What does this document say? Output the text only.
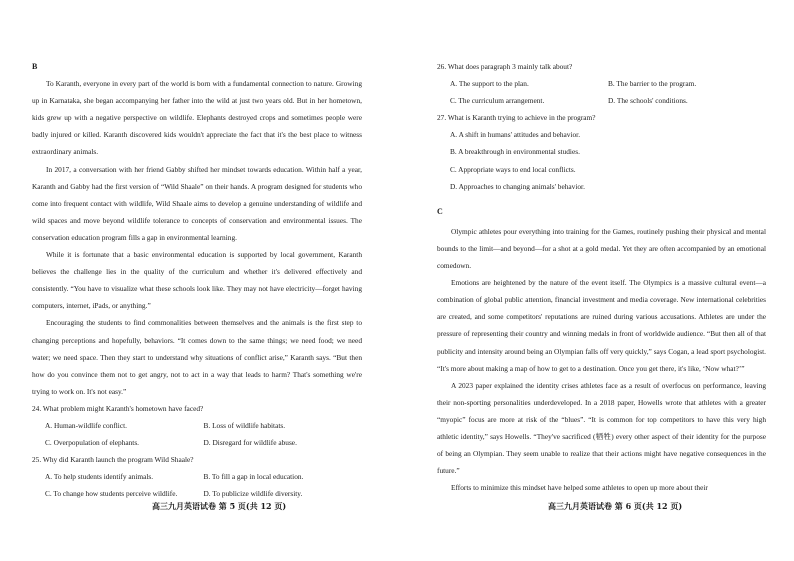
B

To Karanth, everyone in every part of the world is born with a fundamental connection to nature. Growing up in Karnataka, she began accompanying her father into the wild at just two years old. But in her hometown, kids grew up with a negative perspective on wildlife. Elephants destroyed crops and sometimes people were badly injured or killed. Karanth discovered kids wouldn't appreciate the fact that it's the best place to witness extraordinary animals.

In 2017, a conversation with her friend Gabby shifted her mindset towards education. Within half a year, Karanth and Gabby had the first version of “Wild Shaale” on their hands. A program designed for students who come into frequent contact with wildlife, Wild Shaale aims to develop a genuine understanding of wildlife and wild spaces and move beyond wildlife tolerance to concepts of conservation and environmental issues. The conservation education program fills a gap in environmental learning.

While it is fortunate that a basic environmental education is supported by local government, Karanth believes the challenge lies in the quality of the curriculum and whether it's delivered effectively and consistently. “You have to visualize what these schools look like. They may not have electricity—forget having computers, internet, iPads, or anything.”

Encouraging the students to find commonalities between themselves and the animals is the first step to changing perceptions and hopefully, behaviors. “It comes down to the same things; we need food; we need water; we need space. Then they start to understand why situations of conflict arise,” Karanth says. “But then how do you convince them not to get angry, not to act in a way that leads to harm? That's something we're trying to work on. It's not easy.”

24. What problem might Karanth's hometown have faced?

A. Human-wildlife conflict.	B. Loss of wildlife habitats.
C. Overpopulation of elephants.	D. Disregard for wildlife abuse.

25. Why did Karanth launch the program Wild Shaale?

A. To help students identify animals.	B. To fill a gap in local education.
C. To change how students perceive wildlife.	D. To publicize wildlife diversity.

26. What does paragraph 3 mainly talk about?

A. The support to the plan.	B. The barrier to the program.
C. The curriculum arrangement.	D. The schools' conditions.

27. What is Karanth trying to achieve in the program?

A. A shift in humans' attitudes and behavior.
B. A breakthrough in environmental studies.
C. Appropriate ways to end local conflicts.
D. Approaches to changing animals' behavior.

C

Olympic athletes pour everything into training for the Games, routinely pushing their physical and mental bounds to the limit—and beyond—for a shot at a gold medal. Yet they are often accompanied by an emotional comedown.

Emotions are heightened by the nature of the event itself. The Olympics is a massive cultural event—a combination of global public attention, financial investment and media coverage. New international celebrities are created, and some competitors' reputations are ruined during various accusations. Athletes are under the pressure of representing their country and winning medals in front of worldwide audience. “But then all of that publicity and intensity around being an Olympian falls off very quickly,” says Cogan, a lead sport psychologist. “It's more about making a map of how to get to a destination. Once you get there, it's like, ‘Now what?’”

A 2023 paper explained the identity crises athletes face as a result of overfocus on performance, leaving their non-sporting personalities underdeveloped. In a 2018 paper, Howells wrote that athletes with a greater “myopic” focus are more at risk of the “blues”. “It is common for top competitors to have this very high athletic identity,” says Howells. “They've sacrificed (牺牲) every other aspect of their identity for the purpose of being an Olympian. They seem unable to realize that their actions might have negative consequences in the future.”

Efforts to minimize this mindset have helped some athletes to open up more about their

高三九月英语试卷 第 5 页(共 12 页)	高三九月英语试卷 第 6 页(共 12 页)
